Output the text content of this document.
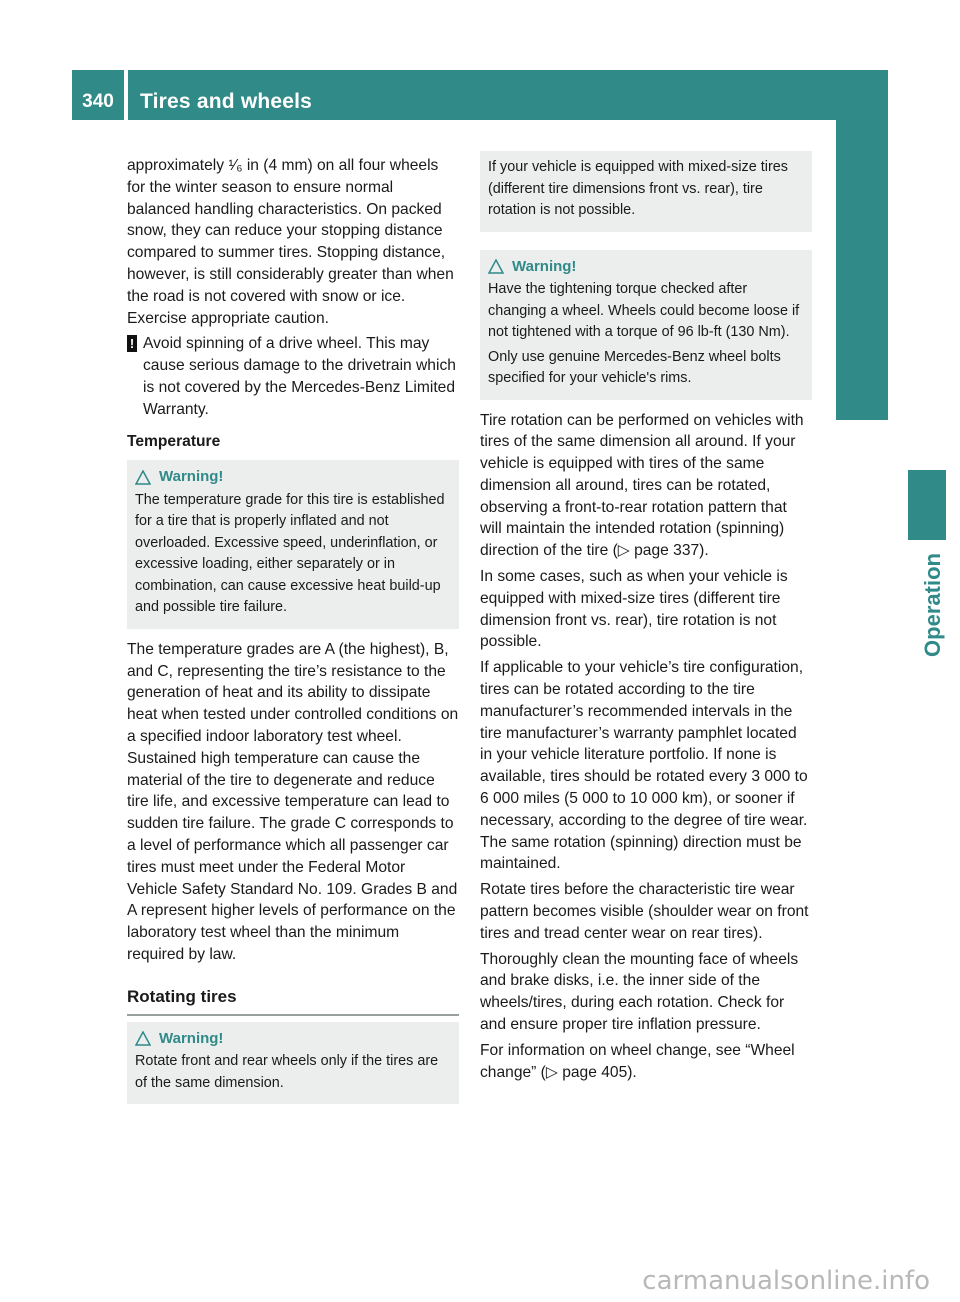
340	Tires and wheels
Operation

approximately ¹⁄₆ in (4 mm) on all four wheels for the winter season to ensure normal balanced handling characteristics. On packed snow, they can reduce your stopping distance compared to summer tires. Stopping distance, however, is still considerably greater than when the road is not covered with snow or ice. Exercise appropriate caution.

! Avoid spinning of a drive wheel. This may cause serious damage to the drivetrain which is not covered by the Mercedes-Benz Limited Warranty.

Temperature

Warning!

The temperature grade for this tire is established for a tire that is properly inflated and not overloaded. Excessive speed, underinflation, or excessive loading, either separately or in combination, can cause excessive heat build-up and possible tire failure.

The temperature grades are A (the highest), B, and C, representing the tire’s resistance to the generation of heat and its ability to dissipate heat when tested under controlled conditions on a specified indoor laboratory test wheel. Sustained high temperature can cause the material of the tire to degenerate and reduce tire life, and excessive temperature can lead to sudden tire failure. The grade C corresponds to a level of performance which all passenger car tires must meet under the Federal Motor Vehicle Safety Standard No. 109. Grades B and A represent higher levels of performance on the laboratory test wheel than the minimum required by law.

Rotating tires

Warning!

Rotate front and rear wheels only if the tires are of the same dimension.

If your vehicle is equipped with mixed-size tires (different tire dimensions front vs. rear), tire rotation is not possible.

Warning!

Have the tightening torque checked after changing a wheel. Wheels could become loose if not tightened with a torque of 96 lb-ft (130 Nm).

Only use genuine Mercedes-Benz wheel bolts specified for your vehicle's rims.

Tire rotation can be performed on vehicles with tires of the same dimension all around. If your vehicle is equipped with tires of the same dimension all around, tires can be rotated, observing a front-to-rear rotation pattern that will maintain the intended rotation (spinning) direction of the tire (▷ page 337).

In some cases, such as when your vehicle is equipped with mixed-size tires (different tire dimension front vs. rear), tire rotation is not possible.

If applicable to your vehicle’s tire configuration, tires can be rotated according to the tire manufacturer’s recommended intervals in the tire manufacturer’s warranty pamphlet located in your vehicle literature portfolio. If none is available, tires should be rotated every 3 000 to 6 000 miles (5 000 to 10 000 km), or sooner if necessary, according to the degree of tire wear. The same rotation (spinning) direction must be maintained.

Rotate tires before the characteristic tire wear pattern becomes visible (shoulder wear on front tires and tread center wear on rear tires).

Thoroughly clean the mounting face of wheels and brake disks, i.e. the inner side of the wheels/tires, during each rotation. Check for and ensure proper tire inflation pressure.

For information on wheel change, see “Wheel change” (▷ page 405).

carmanualsonline.info
